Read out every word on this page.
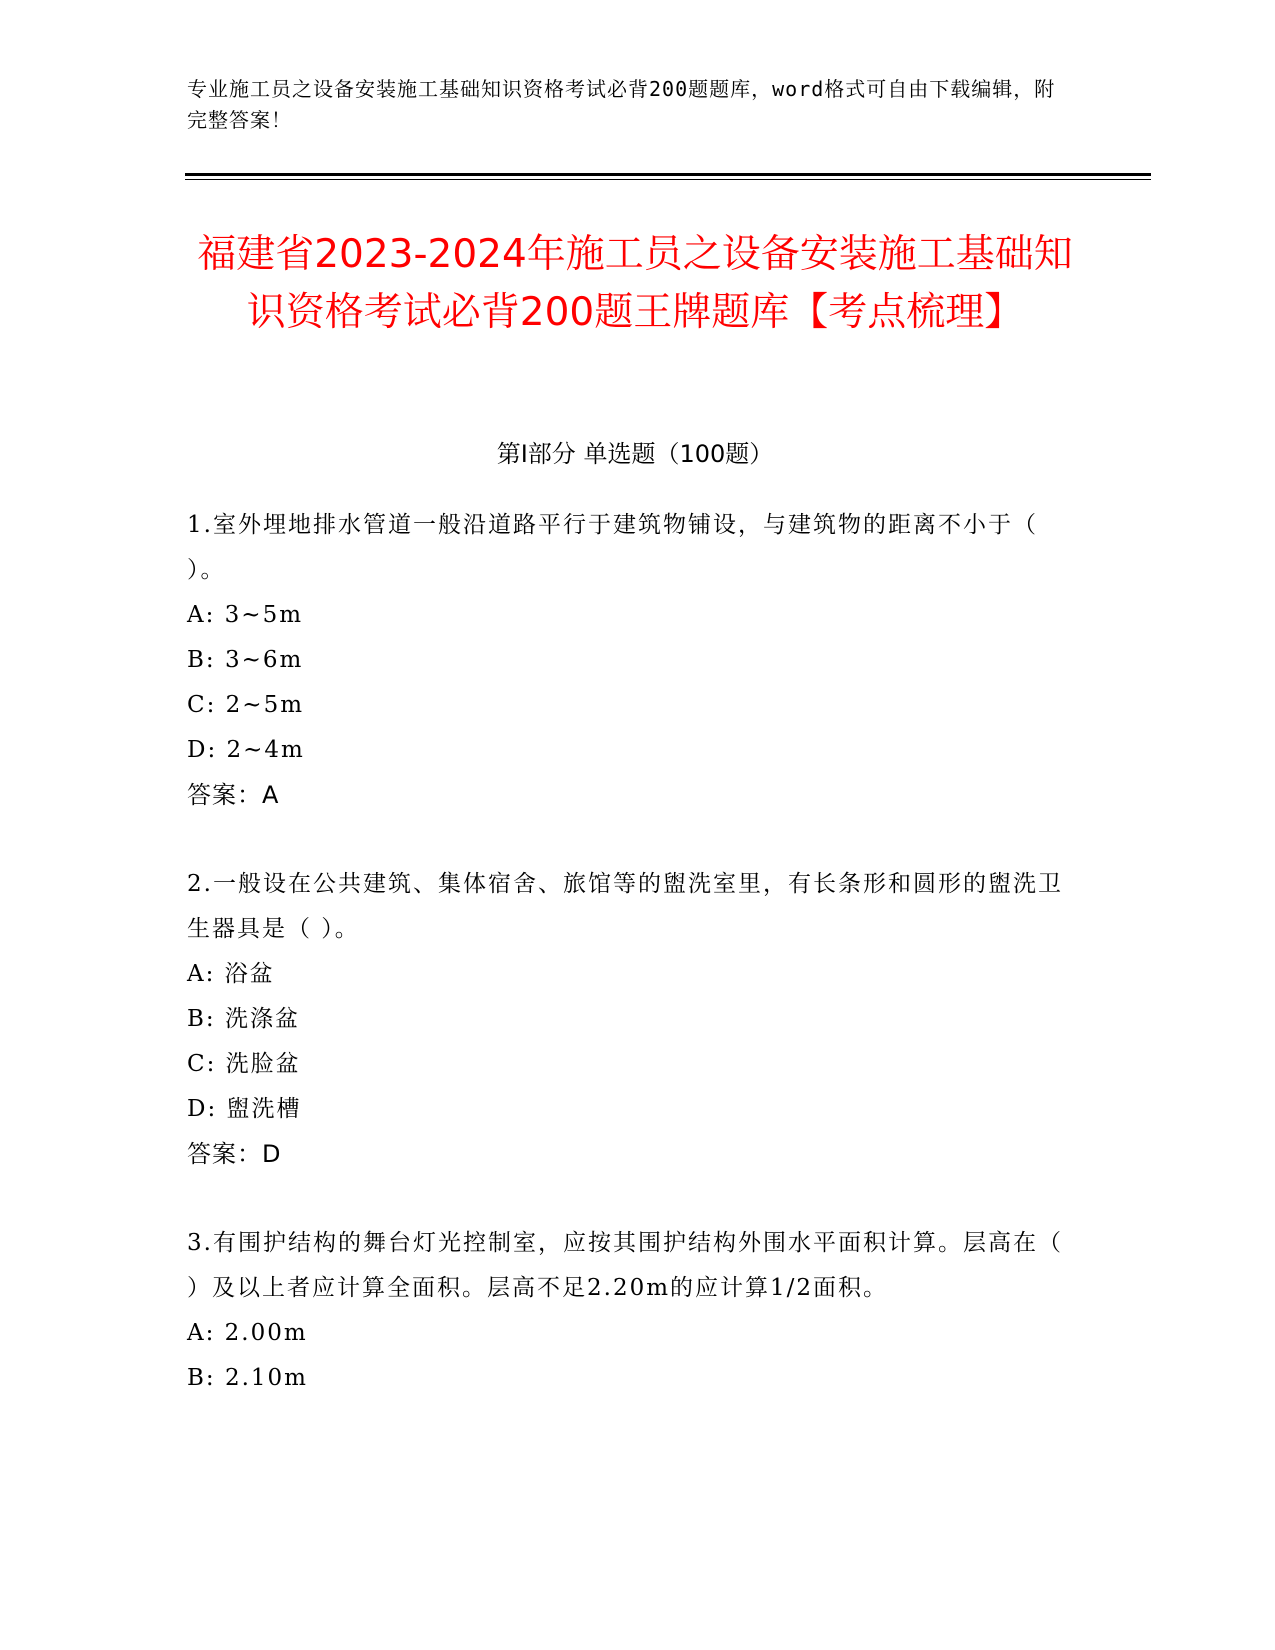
专业施工员之设备安装施工基础知识资格考试必背200题题库，word格式可自由下载编辑，附完整答案！
福建省2023-2024年施工员之设备安装施工基础知识资格考试必背200题王牌题库【考点梳理】
第I部分 单选题（100题）
1.室外埋地排水管道一般沿道路平行于建筑物铺设，与建筑物的距离不小于（ ）。
A: 3~5m
B: 3~6m
C: 2~5m
D: 2~4m
答案：A
2.一般设在公共建筑、集体宿舍、旅馆等的盥洗室里，有长条形和圆形的盥洗卫生器具是（ ）。
A: 浴盆
B: 洗涤盆
C: 洗脸盆
D: 盥洗槽
答案：D
3.有围护结构的舞台灯光控制室，应按其围护结构外围水平面积计算。层高在（ ）及以上者应计算全面积。层高不足2.20m的应计算1/2面积。
A: 2.00m
B: 2.10m
